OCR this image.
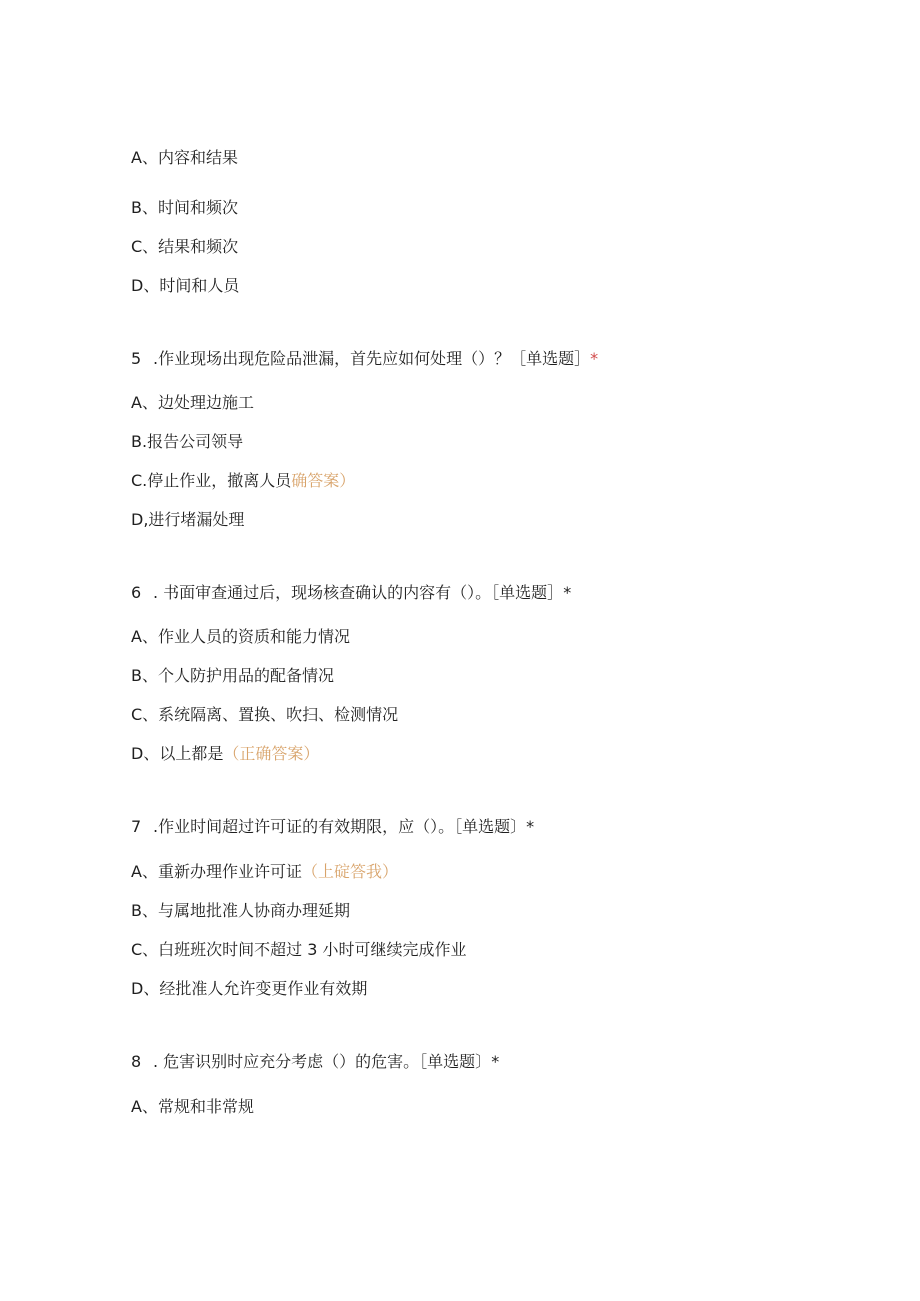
A、内容和结果
B、时间和频次
C、结果和频次
D、时间和人员
5 .作业现场出现危险品泄漏，首先应如何处理（）？［单选题］*
A、边处理边施工
B.报告公司领导
C.停止作业，撤离人员确答案）
D,进行堵漏处理
6 . 书面审查通过后，现场核查确认的内容有（）。［单选题］*
A、作业人员的资质和能力情况
B、个人防护用品的配备情况
C、系统隔离、置换、吹扫、检测情况
D、以上都是（正确答案）
7 .作业时间超过许可证的有效期限，应（）。［单选题〕*
A、重新办理作业许可证（上碇答我）
B、与属地批准人协商办理延期
C、白班班次时间不超过 3 小时可继续完成作业
D、经批准人允许变更作业有效期
8 . 危害识别时应充分考虑（）的危害。［单选题〕*
A、常规和非常规
